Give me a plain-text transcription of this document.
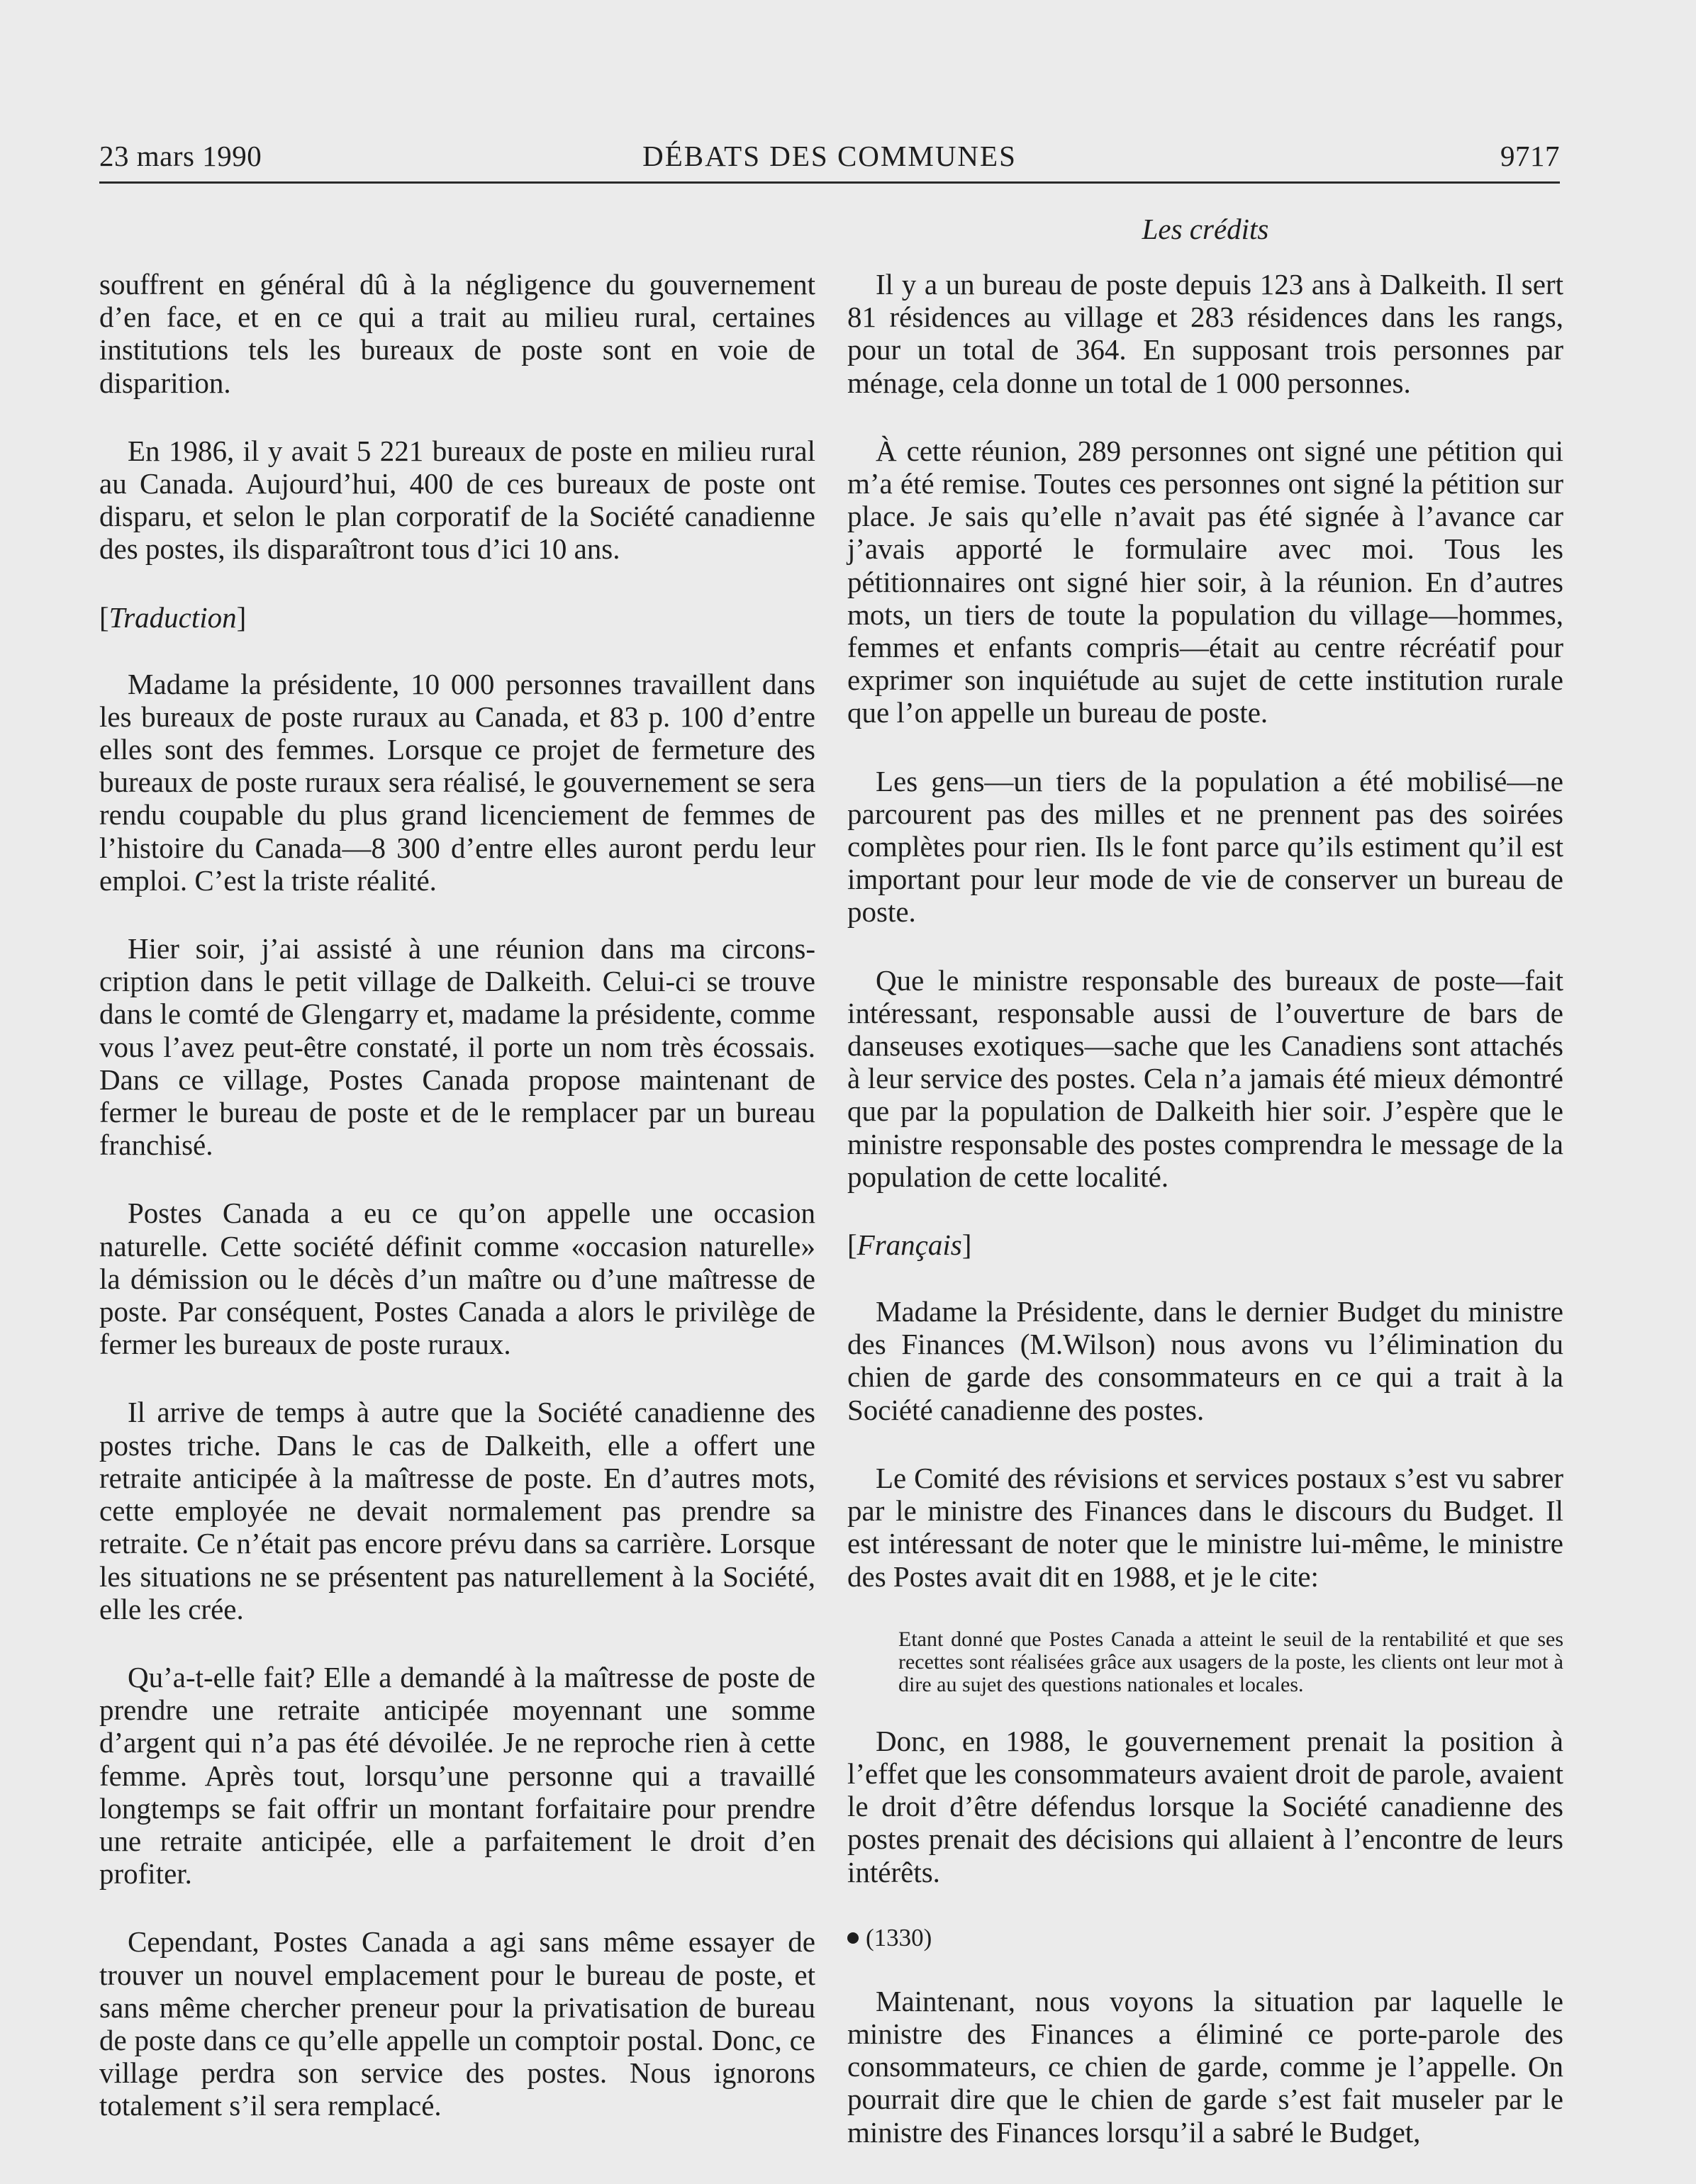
23 mars 1990	DÉBATS DES COMMUNES	9717

souffrent en général dû à la négligence du gouvernement d’en face, et en ce qui a trait au milieu rural, certaines institutions tels les bureaux de poste sont en voie de disparition.

En 1986, il y avait 5 221 bureaux de poste en milieu rural au Canada. Aujourd’hui, 400 de ces bureaux de poste ont disparu, et selon le plan corporatif de la Société canadienne des postes, ils disparaîtront tous d’ici 10 ans.

[Traduction]

Madame la présidente, 10 000 personnes travaillent dans les bureaux de poste ruraux au Canada, et 83 p. 100 d’entre elles sont des femmes. Lorsque ce projet de fermeture des bureaux de poste ruraux sera réalisé, le gouvernement se sera rendu coupable du plus grand licenciement de femmes de l’histoire du Canada—8 300 d’entre elles auront perdu leur emploi. C’est la triste réalité.

Hier soir, j’ai assisté à une réunion dans ma circonscription dans le petit village de Dalkeith. Celui-ci se trouve dans le comté de Glengarry et, madame la présidente, comme vous l’avez peut-être constaté, il porte un nom très écossais. Dans ce village, Postes Canada propose maintenant de fermer le bureau de poste et de le remplacer par un bureau franchisé.

Postes Canada a eu ce qu’on appelle une occasion naturelle. Cette société définit comme «occasion naturelle» la démission ou le décès d’un maître ou d’une maîtresse de poste. Par conséquent, Postes Canada a alors le privilège de fermer les bureaux de poste ruraux.

Il arrive de temps à autre que la Société canadienne des postes triche. Dans le cas de Dalkeith, elle a offert une retraite anticipée à la maîtresse de poste. En d’autres mots, cette employée ne devait normalement pas prendre sa retraite. Ce n’était pas encore prévu dans sa carrière. Lorsque les situations ne se présentent pas naturellement à la Société, elle les crée.

Qu’a-t-elle fait? Elle a demandé à la maîtresse de poste de prendre une retraite anticipée moyennant une somme d’argent qui n’a pas été dévoilée. Je ne reproche rien à cette femme. Après tout, lorsqu’une personne qui a travaillé longtemps se fait offrir un montant forfaitaire pour prendre une retraite anticipée, elle a parfaitement le droit d’en profiter.

Cependant, Postes Canada a agi sans même essayer de trouver un nouvel emplacement pour le bureau de poste, et sans même chercher preneur pour la privatisation de bureau de poste dans ce qu’elle appelle un comptoir postal. Donc, ce village perdra son service des postes. Nous ignorons totalement s’il sera remplacé.

Les crédits

Il y a un bureau de poste depuis 123 ans à Dalkeith. Il sert 81 résidences au village et 283 résidences dans les rangs, pour un total de 364. En supposant trois personnes par ménage, cela donne un total de 1 000 personnes.

À cette réunion, 289 personnes ont signé une pétition qui m’a été remise. Toutes ces personnes ont signé la pétition sur place. Je sais qu’elle n’avait pas été signée à l’avance car j’avais apporté le formulaire avec moi. Tous les pétitionnaires ont signé hier soir, à la réunion. En d’autres mots, un tiers de toute la population du village—hommes, femmes et enfants compris—était au centre récréatif pour exprimer son inquiétude au sujet de cette institution rurale que l’on appelle un bureau de poste.

Les gens—un tiers de la population a été mobilisé—ne parcourent pas des milles et ne prennent pas des soirées complètes pour rien. Ils le font parce qu’ils estiment qu’il est important pour leur mode de vie de conserver un bureau de poste.

Que le ministre responsable des bureaux de poste—fait intéressant, responsable aussi de l’ouverture de bars de danseuses exotiques—sache que les Canadiens sont attachés à leur service des postes. Cela n’a jamais été mieux démontré que par la population de Dalkeith hier soir. J’espère que le ministre responsable des postes comprendra le message de la population de cette localité.

[Français]

Madame la Présidente, dans le dernier Budget du ministre des Finances (M.Wilson) nous avons vu l’élimination du chien de garde des consommateurs en ce qui a trait à la Société canadienne des postes.

Le Comité des révisions et services postaux s’est vu sabrer par le ministre des Finances dans le discours du Budget. Il est intéressant de noter que le ministre lui-même, le ministre des Postes avait dit en 1988, et je le cite:

Etant donné que Postes Canada a atteint le seuil de la rentabilité et que ses recettes sont réalisées grâce aux usagers de la poste, les clients ont leur mot à dire au sujet des questions nationales et locales.

Donc, en 1988, le gouvernement prenait la position à l’effet que les consommateurs avaient droit de parole, avaient le droit d’être défendus lorsque la Société canadienne des postes prenait des décisions qui allaient à l’encontre de leurs intérêts.

(1330)

Maintenant, nous voyons la situation par laquelle le ministre des Finances a éliminé ce porte-parole des consommateurs, ce chien de garde, comme je l’appelle. On pourrait dire que le chien de garde s’est fait museler par le ministre des Finances lorsqu’il a sabré le Budget,
